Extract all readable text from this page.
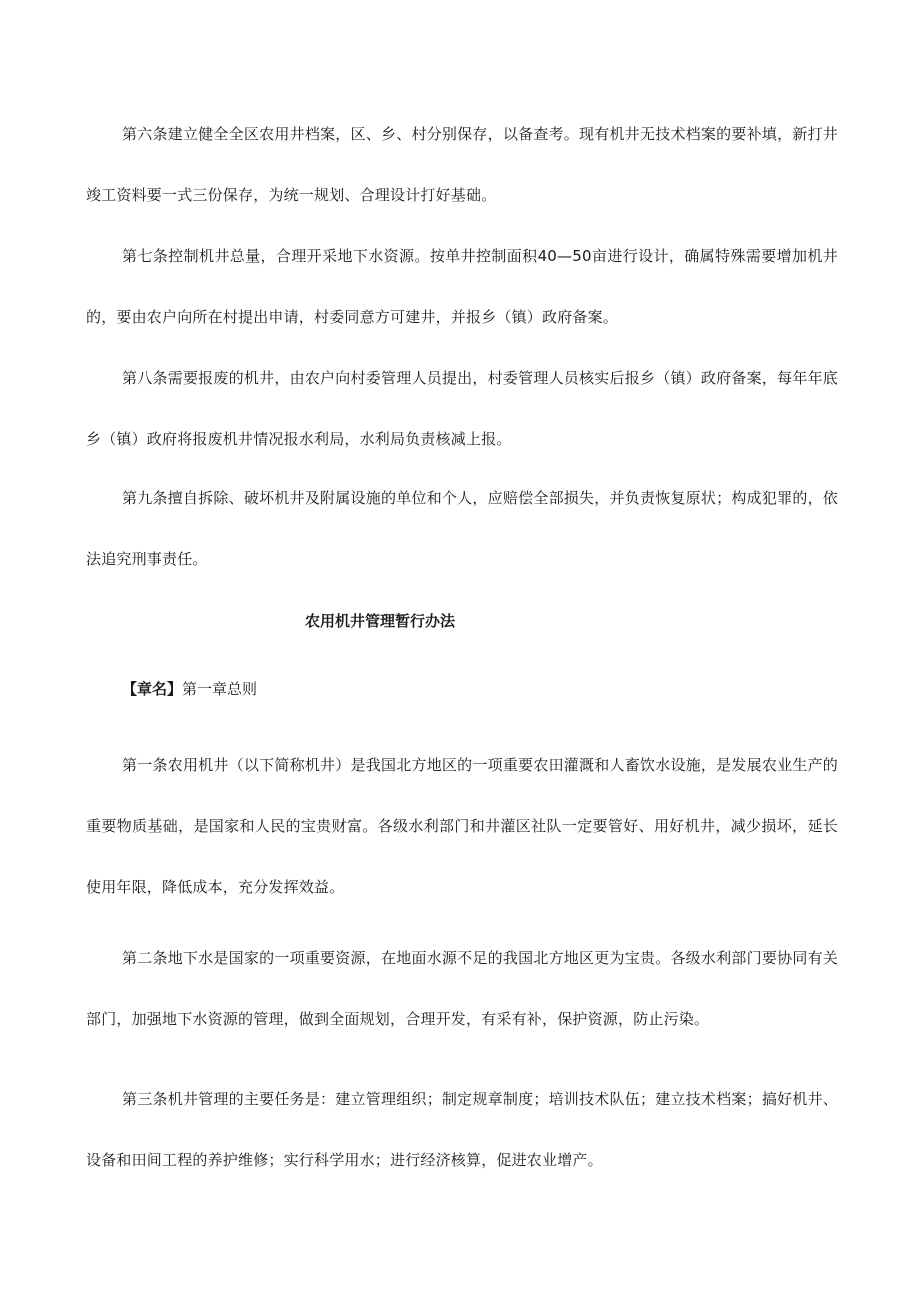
第六条建立健全全区农用井档案，区、乡、村分别保存，以备查考。现有机井无技术档案的要补填，新打井竣工资料要一式三份保存，为统一规划、合理设计打好基础。

第七条控制机井总量，合理开采地下水资源。按单井控制面积40—50亩进行设计，确属特殊需要增加机井的，要由农户向所在村提出申请，村委同意方可建井，并报乡（镇）政府备案。

第八条需要报废的机井，由农户向村委管理人员提出，村委管理人员核实后报乡（镇）政府备案，每年年底乡（镇）政府将报废机井情况报水利局，水利局负责核减上报。

第九条擅自拆除、破坏机井及附属设施的单位和个人，应赔偿全部损失，并负责恢复原状；构成犯罪的，依法追究刑事责任。

农用机井管理暂行办法

【章名】第一章总则

第一条农用机井（以下简称机井）是我国北方地区的一项重要农田灌溉和人畜饮水设施，是发展农业生产的重要物质基础，是国家和人民的宝贵财富。各级水利部门和井灌区社队一定要管好、用好机井，减少损坏，延长使用年限，降低成本，充分发挥效益。

第二条地下水是国家的一项重要资源，在地面水源不足的我国北方地区更为宝贵。各级水利部门要协同有关部门，加强地下水资源的管理，做到全面规划，合理开发，有采有补，保护资源，防止污染。

第三条机井管理的主要任务是：建立管理组织；制定规章制度；培训技术队伍；建立技术档案；搞好机井、设备和田间工程的养护维修；实行科学用水；进行经济核算，促进农业增产。
